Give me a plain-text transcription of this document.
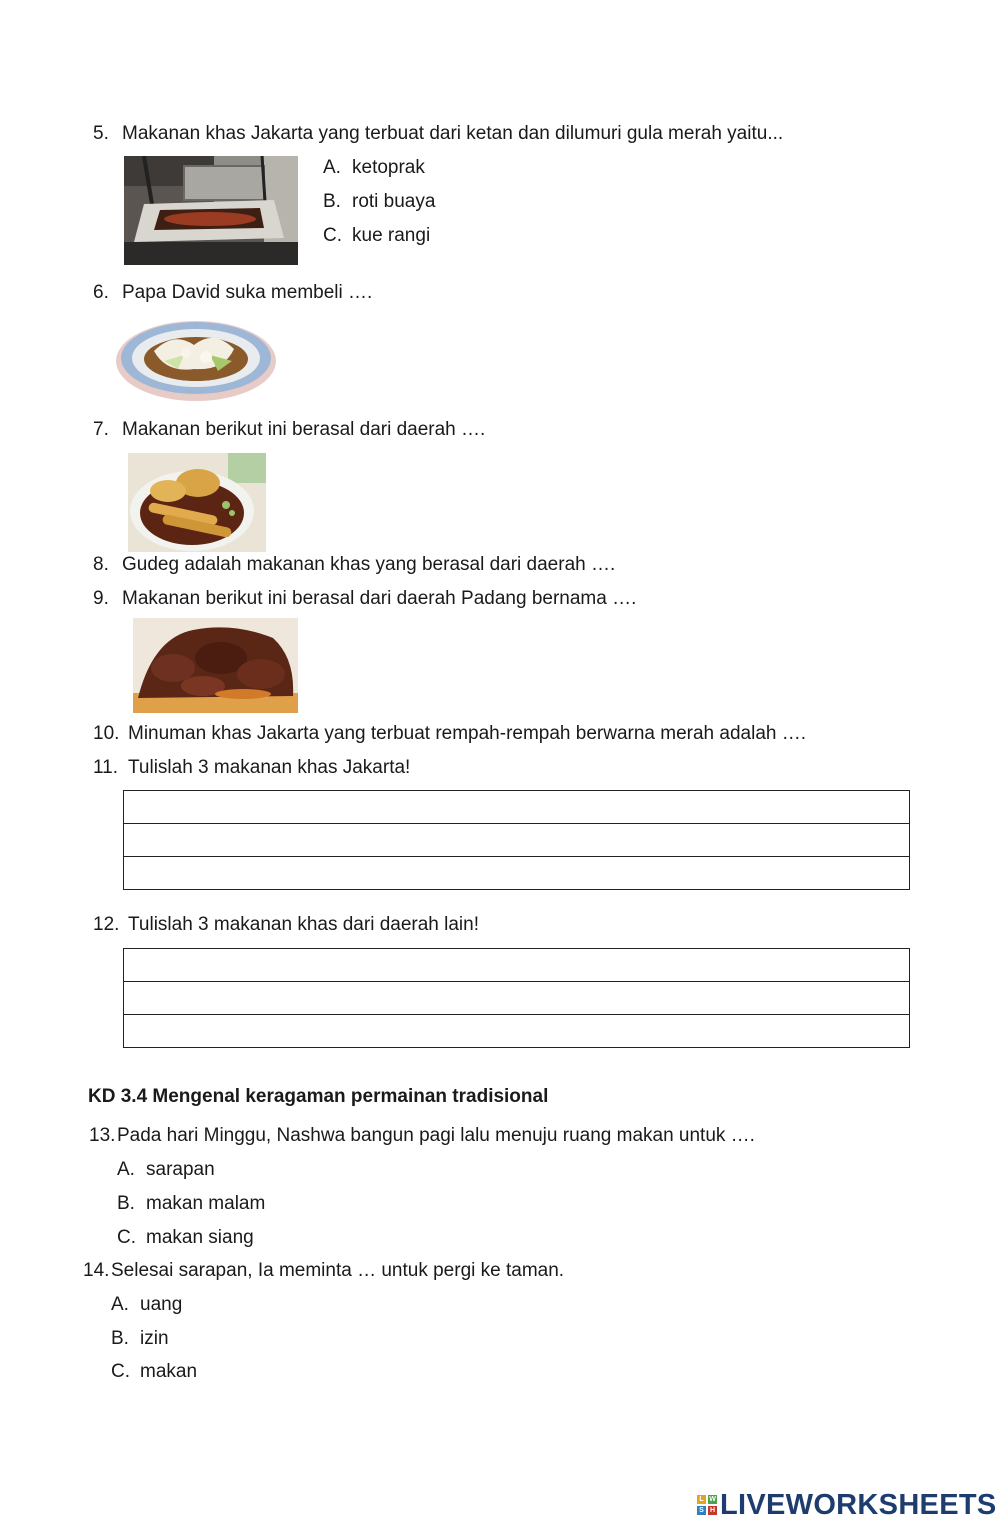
5. Makanan khas Jakarta yang terbuat dari ketan dan dilumuri gula merah yaitu...
A. ketoprak
B. roti buaya
C. kue rangi
6. Papa David suka membeli ….
7. Makanan berikut ini berasal dari daerah ….
8. Gudeg adalah makanan khas yang berasal dari daerah ….
9. Makanan berikut ini berasal dari daerah Padang bernama ….
10. Minuman khas Jakarta yang terbuat rempah-rempah berwarna merah adalah ….
11. Tulislah 3 makanan khas Jakarta!

12. Tulislah 3 makanan khas dari daerah lain!

KD 3.4 Mengenal keragaman permainan tradisional
13.Pada hari Minggu, Nashwa bangun pagi lalu menuju ruang makan untuk ….
A. sarapan
B. makan malam
C. makan siang
14.Selesai sarapan, Ia meminta … untuk pergi ke taman.
A. uang
B. izin
C. makan
L W
S H LIVEWORKSHEETS
